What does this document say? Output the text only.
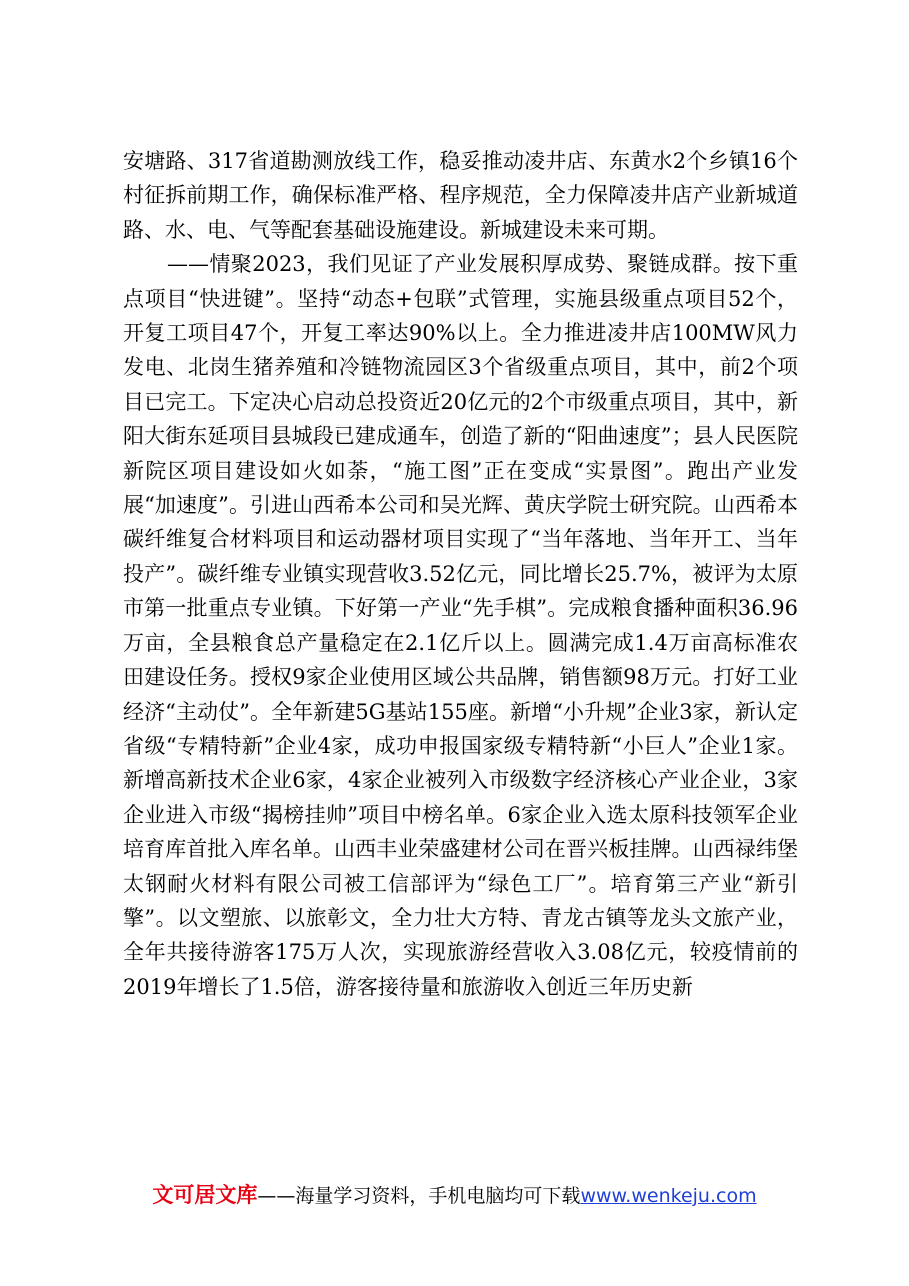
安塘路、317省道勘测放线工作，稳妥推动凌井店、东黄水2个乡镇16个村征拆前期工作，确保标准严格、程序规范，全力保障凌井店产业新城道路、水、电、气等配套基础设施建设。新城建设未来可期。

——情聚2023，我们见证了产业发展积厚成势、聚链成群。按下重点项目“快进键”。坚持“动态+包联”式管理，实施县级重点项目52个，开复工项目47个，开复工率达90%以上。全力推进凌井店100MW风力发电、北岗生猪养殖和冷链物流园区3个省级重点项目，其中，前2个项目已完工。下定决心启动总投资近20亿元的2个市级重点项目，其中，新阳大街东延项目县城段已建成通车，创造了新的“阳曲速度”；县人民医院新院区项目建设如火如荼，“施工图”正在变成“实景图”。跑出产业发展“加速度”。引进山西希本公司和吴光辉、黄庆学院士研究院。山西希本碳纤维复合材料项目和运动器材项目实现了“当年落地、当年开工、当年投产”。碳纤维专业镇实现营收3.52亿元，同比增长25.7%，被评为太原市第一批重点专业镇。下好第一产业“先手棋”。完成粮食播种面积36.96万亩，全县粮食总产量稳定在2.1亿斤以上。圆满完成1.4万亩高标准农田建设任务。授权9家企业使用区域公共品牌，销售额98万元。打好工业经济“主动仗”。全年新建5G基站155座。新增“小升规”企业3家，新认定省级“专精特新”企业4家，成功申报国家级专精特新“小巨人”企业1家。新增高新技术企业6家，4家企业被列入市级数字经济核心产业企业，3家企业进入市级“揭榜挂帅”项目中榜名单。6家企业入选太原科技领军企业培育库首批入库名单。山西丰业荣盛建材公司在晋兴板挂牌。山西禄纬堡太钢耐火材料有限公司被工信部评为“绿色工厂”。培育第三产业“新引擎”。以文塑旅、以旅彰文，全力壮大方特、青龙古镇等龙头文旅产业，全年共接待游客175万人次，实现旅游经营收入3.08亿元，较疫情前的2019年增长了1.5倍，游客接待量和旅游收入创近三年历史新

文可居文库——海量学习资料，手机电脑均可下载www.wenkeju.com
